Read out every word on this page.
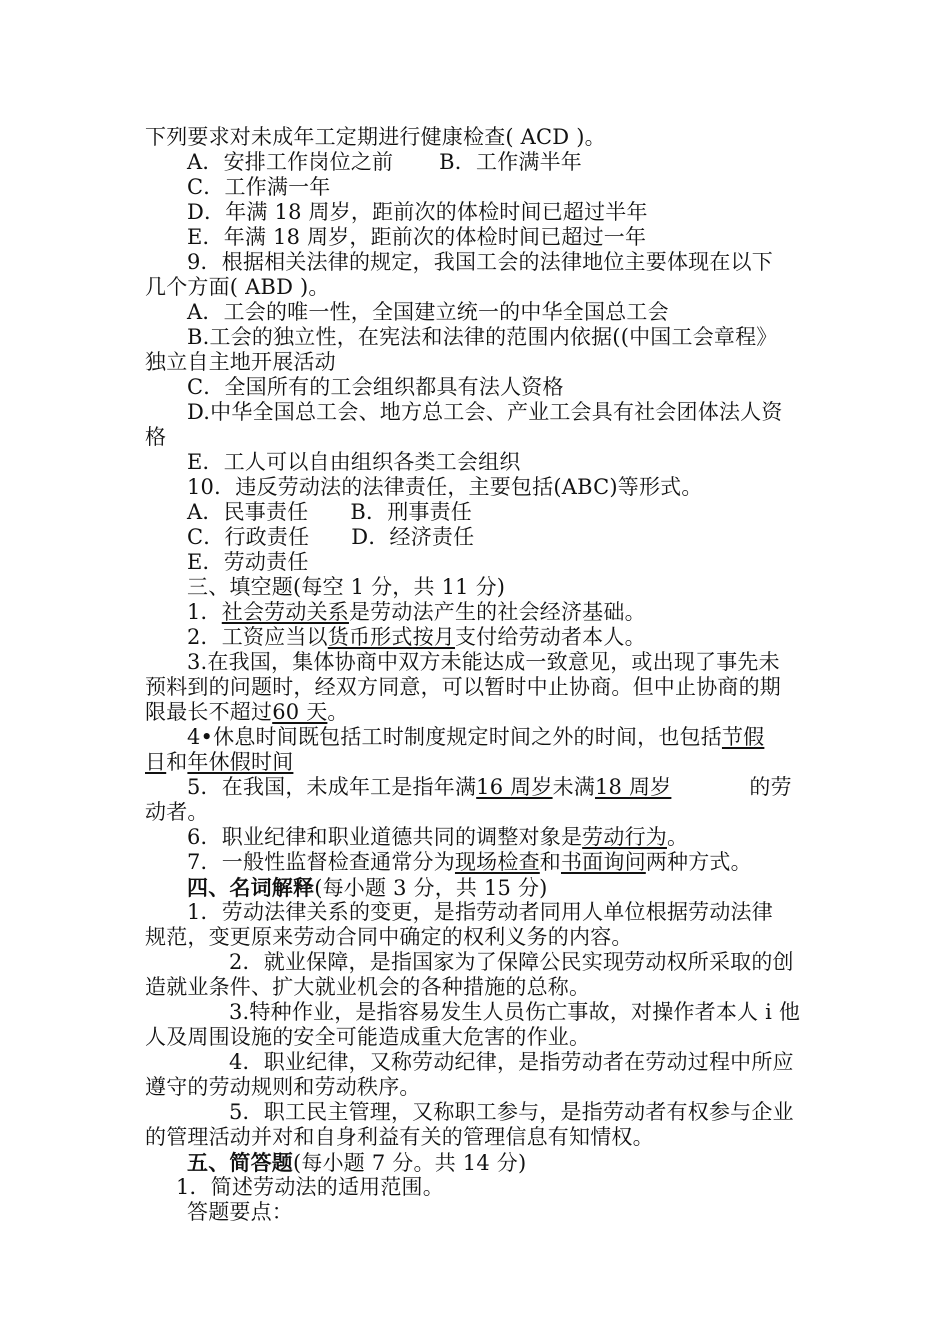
下列要求对未成年工定期进行健康检查( ACD )。
A．安排工作岗位之前 B．工作满半年
C．工作满一年
D．年满 18 周岁，距前次的体检时间已超过半年
E．年满 18 周岁，距前次的体检时间已超过一年
9．根据相关法律的规定，我国工会的法律地位主要体现在以下
几个方面( ABD )。
A．工会的唯一性，全国建立统一的中华全国总工会
B.工会的独立性，在宪法和法律的范围内依据((中国工会章程》
独立自主地开展活动
C．全国所有的工会组织都具有法人资格
D.中华全国总工会、地方总工会、产业工会具有社会团体法人资
格
E．工人可以自由组织各类工会组织
10．违反劳动法的法律责任，主要包括(ABC)等形式。
A．民事责任 B．刑事责任
C．行政责任 D．经济责任
E．劳动责任
三、填空题(每空 1 分，共 11 分)
1．社会劳动关系是劳动法产生的社会经济基础。
2．工资应当以货币形式按月支付给劳动者本人。
3.在我国，集体协商中双方未能达成一致意见，或出现了事先未
预料到的问题时，经双方同意，可以暂时中止协商。但中止协商的期
限最长不超过60 天。
4•休息时间既包括工时制度规定时间之外的时间，也包括节假
日和年休假时间
5．在我国，未成年工是指年满16 周岁未满18 周岁	的劳
动者。
6．职业纪律和职业道德共同的调整对象是劳动行为。
7．一般性监督检查通常分为现场检查和书面询问两种方式。
四、名词解释(每小题 3 分，共 15 分)
1．劳动法律关系的变更，是指劳动者同用人单位根据劳动法律
规范，变更原来劳动合同中确定的权利义务的内容。
2．就业保障，是指国家为了保障公民实现劳动权所采取的创
造就业条件、扩大就业机会的各种措施的总称。
3.特种作业，是指容易发生人员伤亡事故，对操作者本人 i 他
人及周围设施的安全可能造成重大危害的作业。
4．职业纪律，又称劳动纪律，是指劳动者在劳动过程中所应
遵守的劳动规则和劳动秩序。
5．职工民主管理，又称职工参与，是指劳动者有权参与企业
的管理活动并对和自身利益有关的管理信息有知情权。
五、简答题(每小题 7 分。共 14 分)
1．简述劳动法的适用范围。
答题要点：
